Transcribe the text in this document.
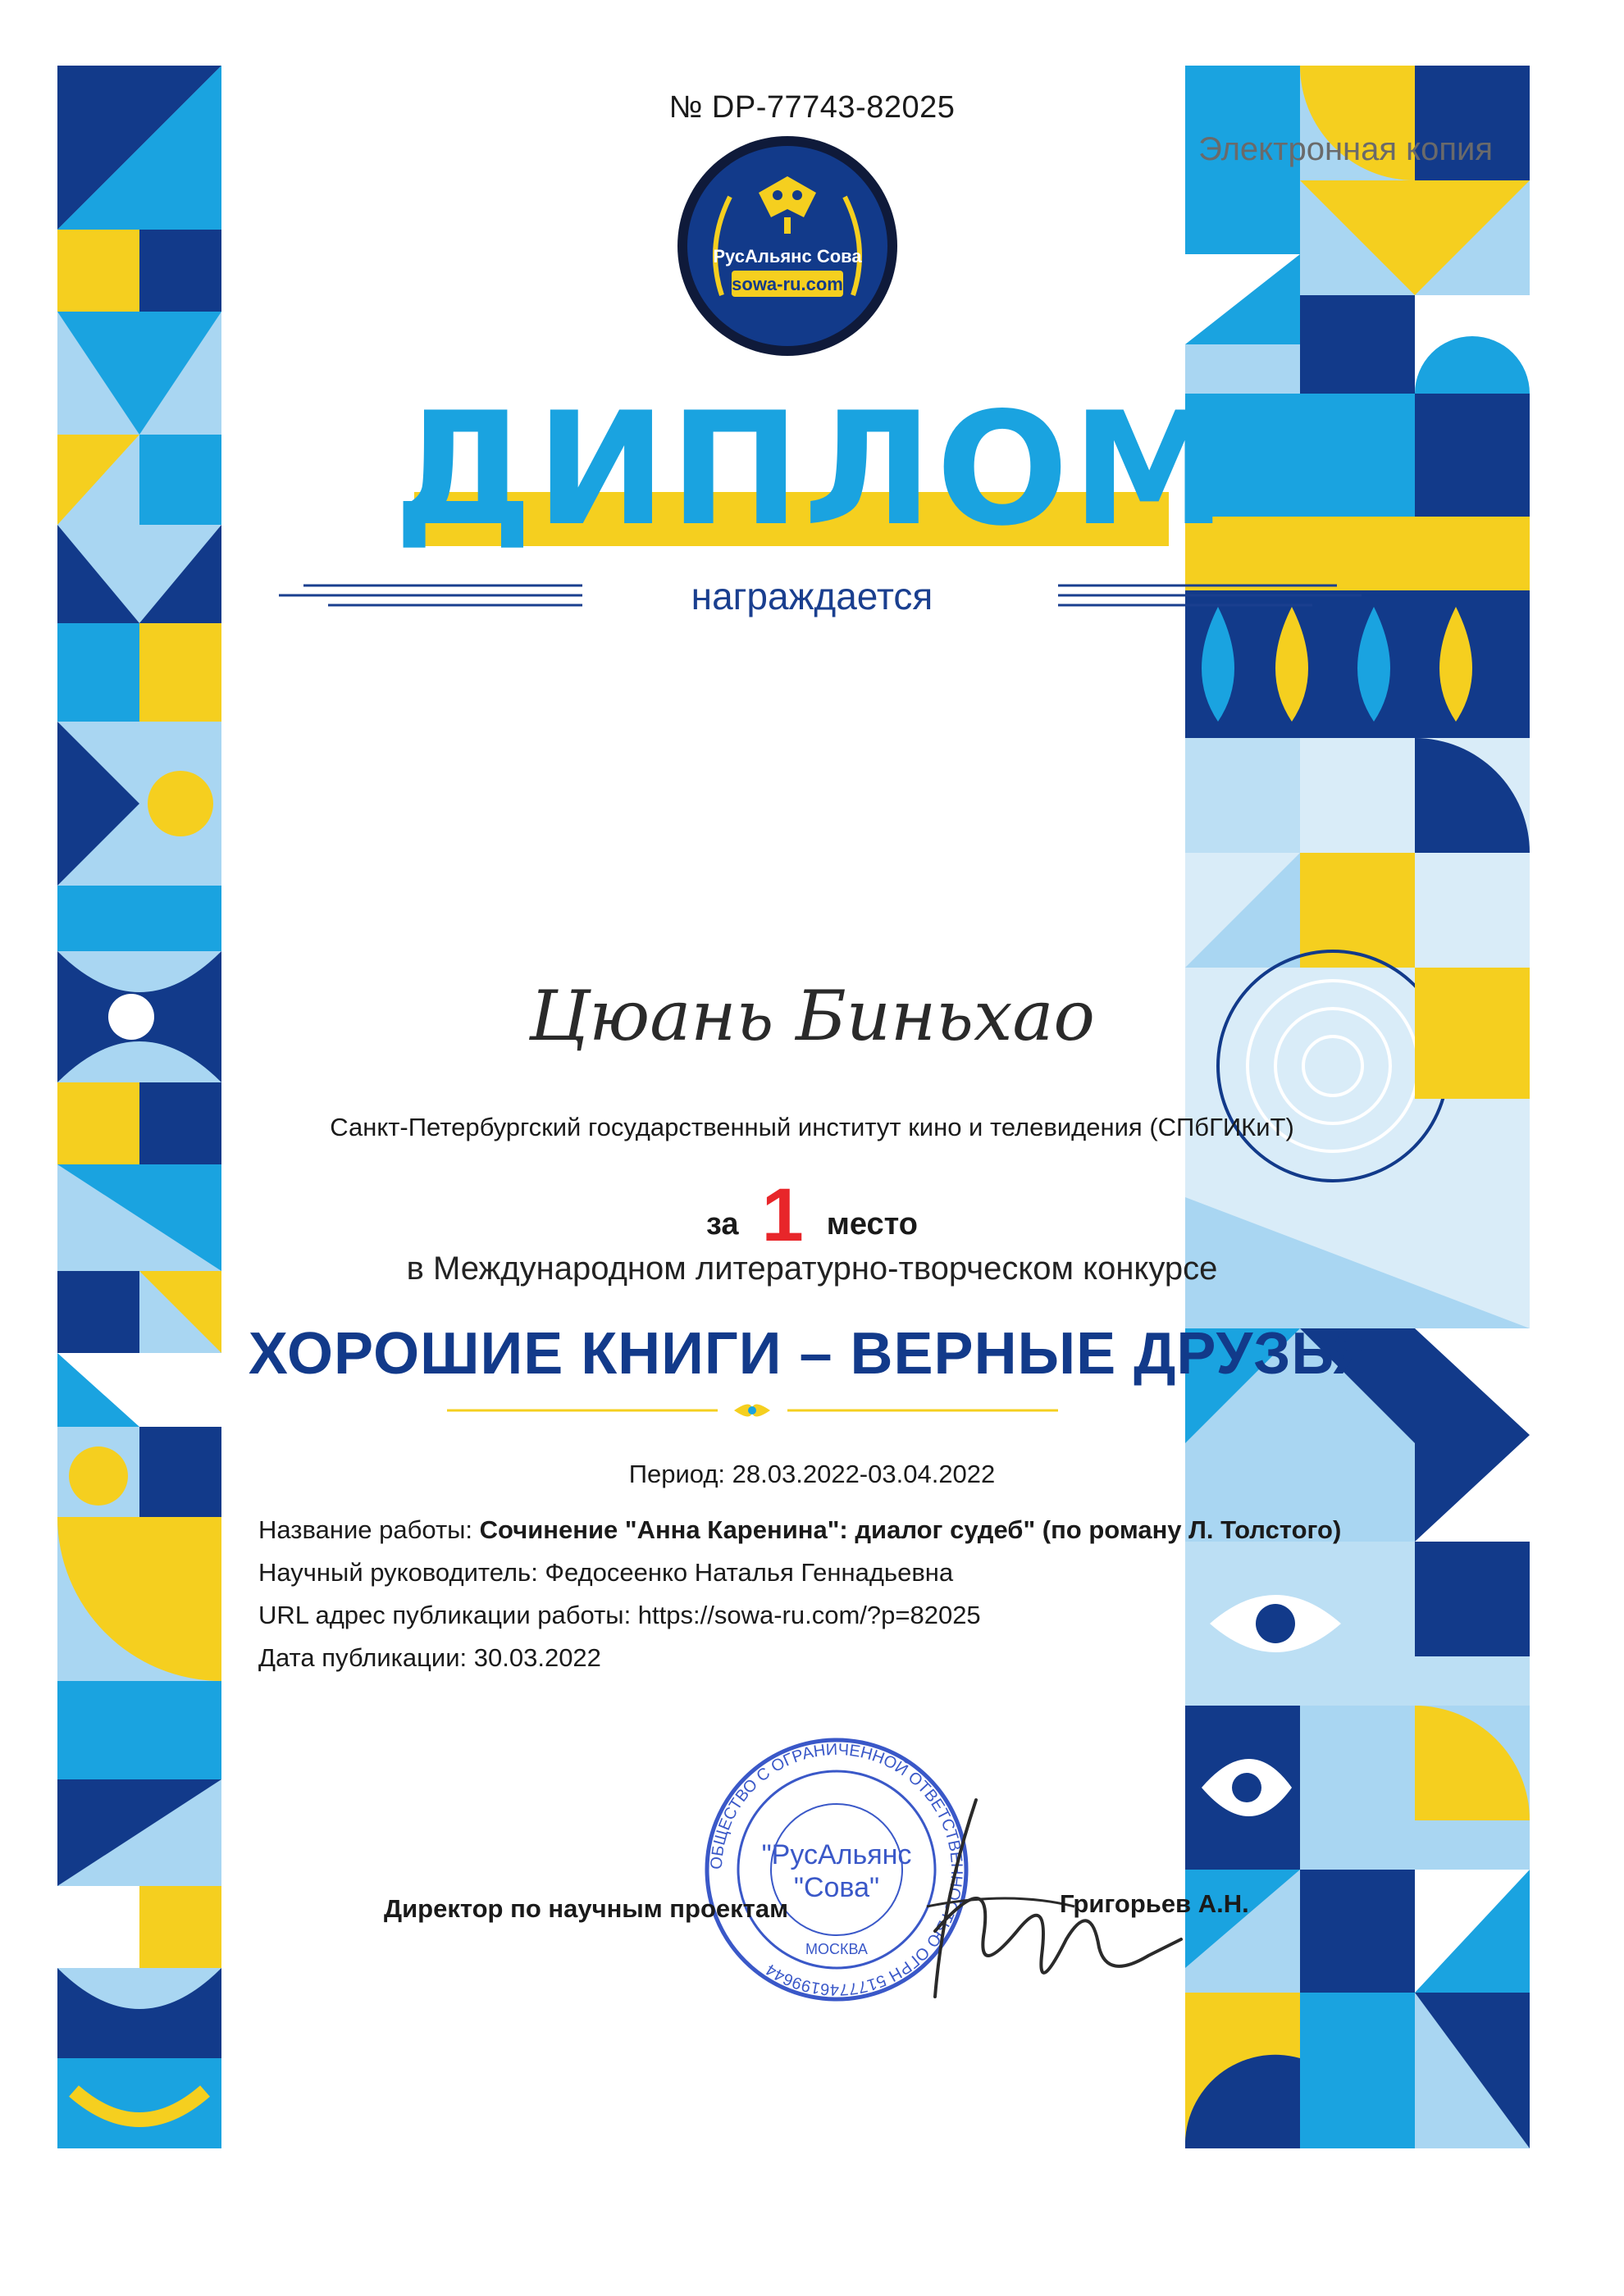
№ DP-77743-82025
Электронная копия
РусАльянс Сова
sowa-ru.com
ДИПЛОМ
награждается
Цюань Биньхао
Санкт-Петербургский государственный институт кино и телевидения (СПбГИКиТ)
за 1 место
в Международном литературно-творческом конкурсе
ХОРОШИЕ КНИГИ – ВЕРНЫЕ ДРУЗЬЯ
Период: 28.03.2022-03.04.2022
Название работы: Сочинение "Анна Каренина": диалог судеб" (по роману Л. Толстого)
Научный руководитель: Федосеенко Наталья Геннадьевна
URL адрес публикации работы: https://sowa-ru.com/?p=82025
Дата публикации: 30.03.2022
ОБЩЕСТВО С ОГРАНИЧЕННОЙ ОТВЕТСТВЕННОСТЬЮ ОГРН 5177746199644
"РусАльянс
"Сова"
МОСКВА
Директор по научным проектам	Григорьев А.Н.
